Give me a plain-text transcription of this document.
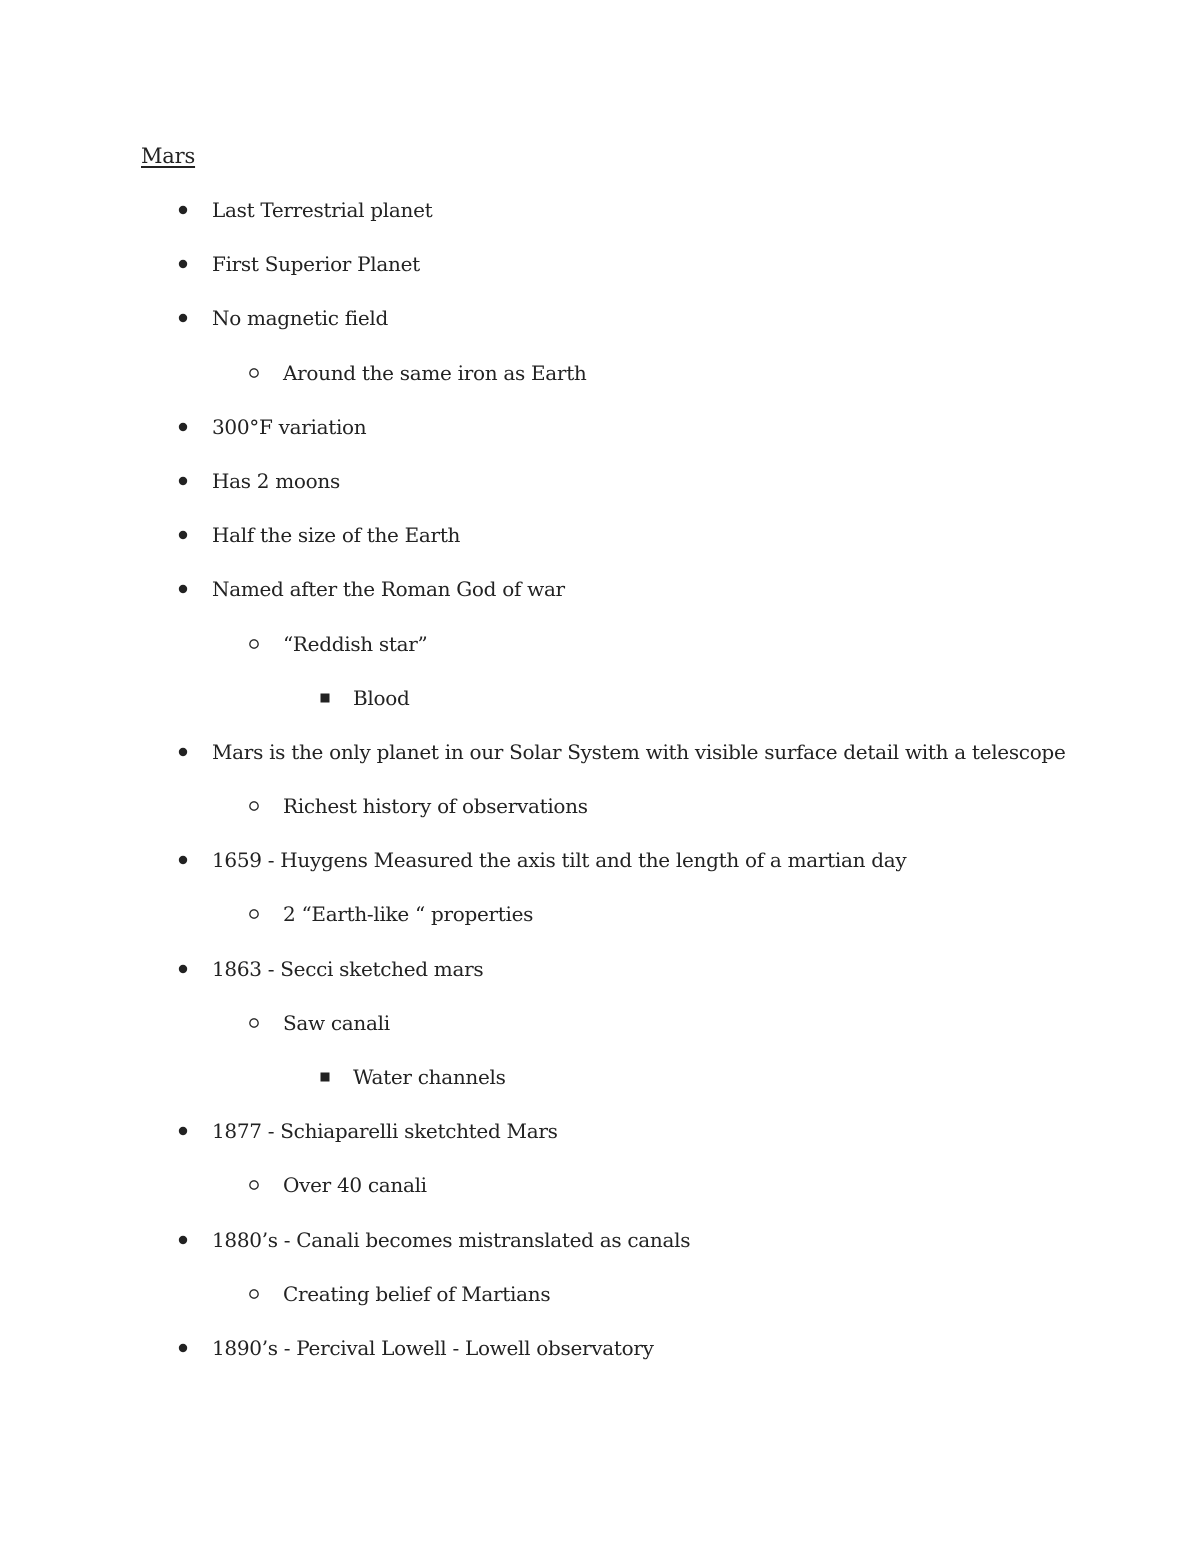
Mars
Last Terrestrial planet
First Superior Planet
No magnetic field
Around the same iron as Earth
300°F variation
Has 2 moons
Half the size of the Earth
Named after the Roman God of war
“Reddish star”
Blood
Mars is the only planet in our Solar System with visible surface detail with a telescope
Richest history of observations
1659 - Huygens Measured the axis tilt and the length of a martian day
2 “Earth-like “ properties
1863 - Secci sketched mars
Saw canali
Water channels
1877 - Schiaparelli sketchted Mars
Over 40 canali
1880’s - Canali becomes mistranslated as canals
Creating belief of Martians
1890’s - Percival Lowell - Lowell observatory
